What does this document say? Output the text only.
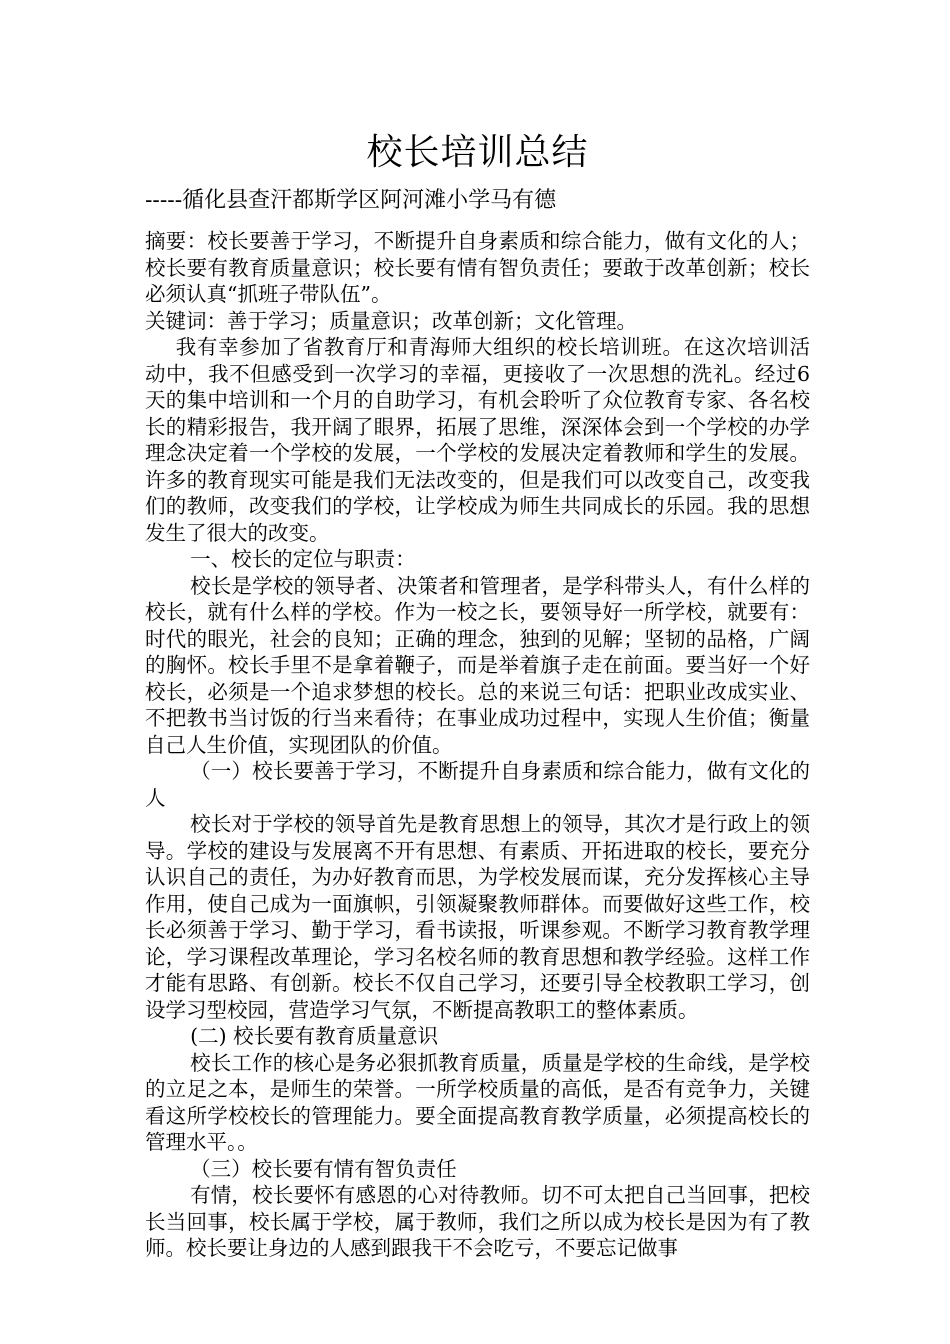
校长培训总结
-----循化县查汗都斯学区阿河滩小学马有德

摘要：校长要善于学习，不断提升自身素质和综合能力，做有文化的人；校长要有教育质量意识；校长要有情有智负责任；要敢于改革创新；校长必须认真“抓班子带队伍”。

关键词：善于学习；质量意识；改革创新；文化管理。

我有幸参加了省教育厅和青海师大组织的校长培训班。在这次培训活动中，我不但感受到一次学习的幸福，更接收了一次思想的洗礼。经过6天的集中培训和一个月的自助学习，有机会聆听了众位教育专家、各名校长的精彩报告，我开阔了眼界，拓展了思维，深深体会到一个学校的办学理念决定着一个学校的发展，一个学校的发展决定着教师和学生的发展。许多的教育现实可能是我们无法改变的，但是我们可以改变自己，改变我们的教师，改变我们的学校，让学校成为师生共同成长的乐园。我的思想发生了很大的改变。

一、校长的定位与职责：

校长是学校的领导者、决策者和管理者，是学科带头人，有什么样的校长，就有什么样的学校。作为一校之长，要领导好一所学校，就要有：时代的眼光，社会的良知；正确的理念，独到的见解；坚韧的品格，广阔的胸怀。校长手里不是拿着鞭子，而是举着旗子走在前面。要当好一个好校长，必须是一个追求梦想的校长。总的来说三句话：把职业改成实业、不把教书当讨饭的行当来看待；在事业成功过程中，实现人生价值；衡量自己人生价值，实现团队的价值。

（一）校长要善于学习，不断提升自身素质和综合能力，做有文化的人

校长对于学校的领导首先是教育思想上的领导，其次才是行政上的领导。学校的建设与发展离不开有思想、有素质、开拓进取的校长，要充分认识自己的责任，为办好教育而思，为学校发展而谋，充分发挥核心主导作用，使自己成为一面旗帜，引领凝聚教师群体。而要做好这些工作，校长必须善于学习、勤于学习，看书读报，听课参观。不断学习教育教学理论，学习课程改革理论，学习名校名师的教育思想和教学经验。这样工作才能有思路、有创新。校长不仅自己学习，还要引导全校教职工学习，创设学习型校园，营造学习气氛，不断提高教职工的整体素质。

(二) 校长要有教育质量意识

校长工作的核心是务必狠抓教育质量，质量是学校的生命线，是学校的立足之本，是师生的荣誉。一所学校质量的高低，是否有竞争力，关键看这所学校校长的管理能力。要全面提高教育教学质量，必须提高校长的管理水平。。

（三）校长要有情有智负责任

有情，校长要怀有感恩的心对待教师。切不可太把自己当回事，把校长当回事，校长属于学校，属于教师，我们之所以成为校长是因为有了教师。校长要让身边的人感到跟我干不会吃亏，不要忘记做事
